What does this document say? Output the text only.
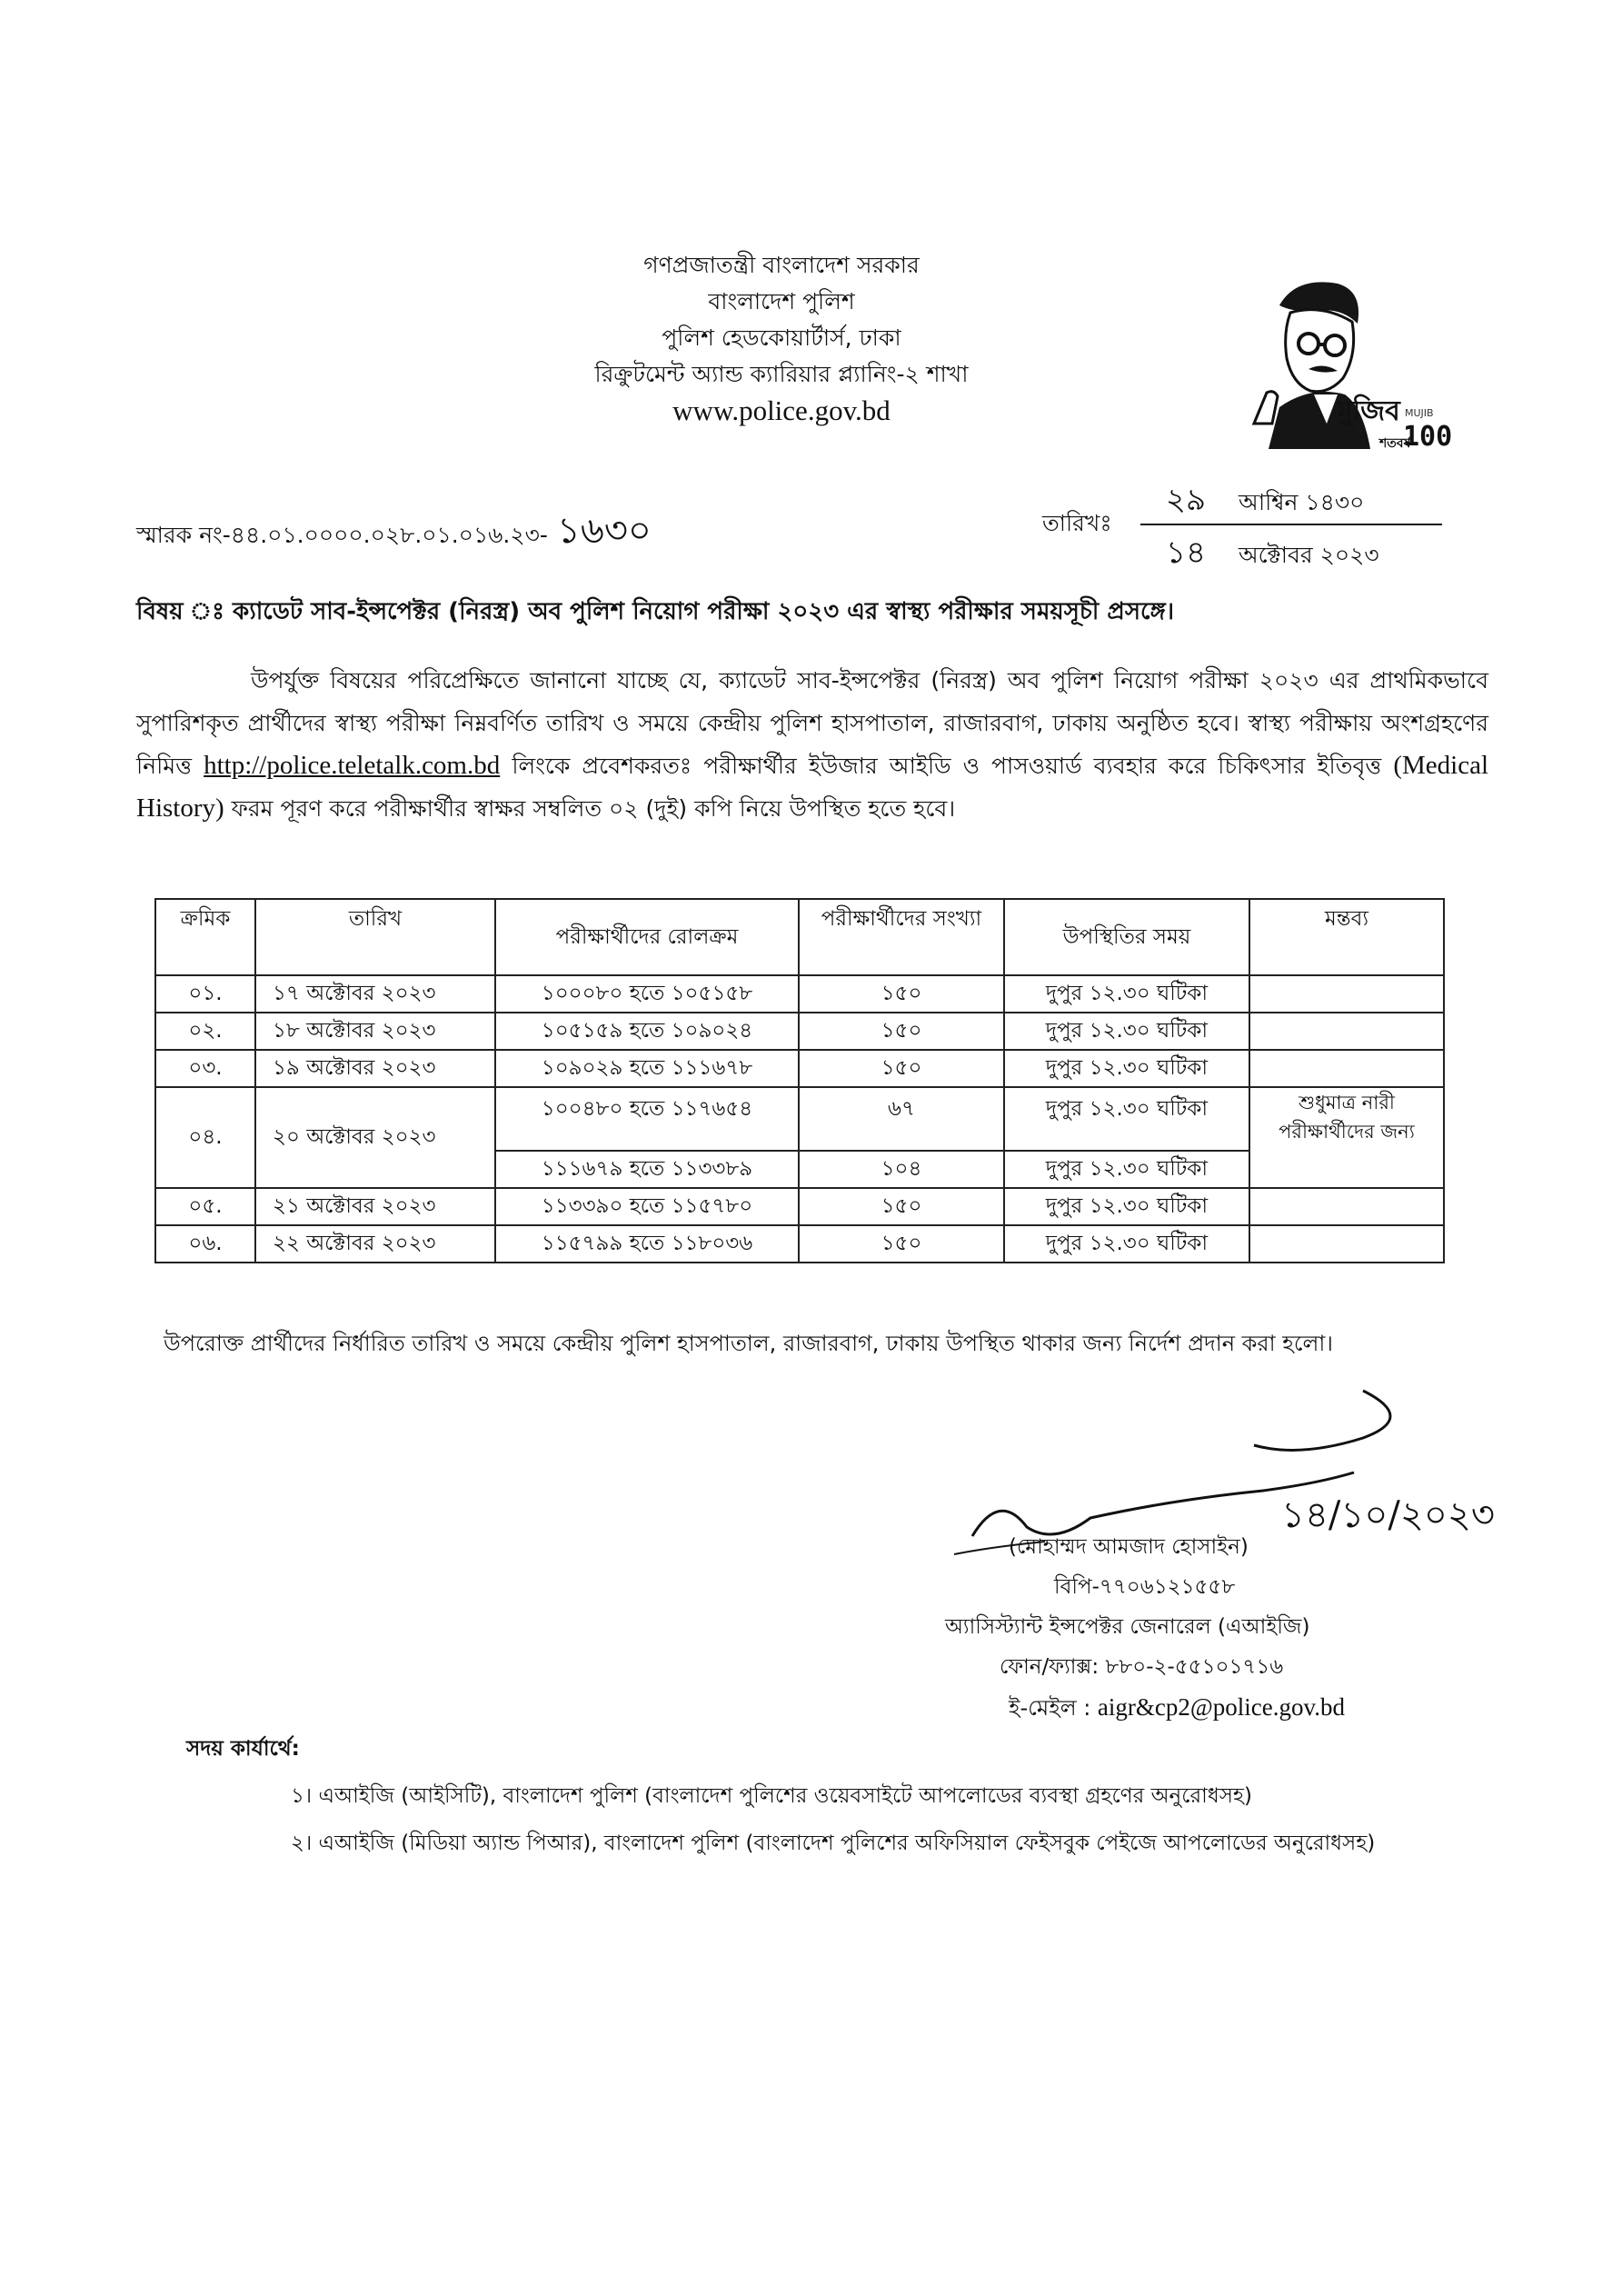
গণপ্রজাতন্ত্রী বাংলাদেশ সরকার
বাংলাদেশ পুলিশ
পুলিশ হেডকোয়ার্টার্স, ঢাকা
রিক্রুটমেন্ট অ্যান্ড ক্যারিয়ার প্ল্যানিং-২ শাখা
www.police.gov.bd	মুজিব
শতবর্ষ
100
MUJIB
স্মারক নং-৪৪.০১.০০০০.০২৮.০১.০১৬.২৩- ১৬৩০	তারিখঃ
২৯ আশ্বিন ১৪৩০
১৪ অক্টোবর ২০২৩
বিষয় ঃ ক্যাডেট সাব-ইন্সপেক্টর (নিরস্ত্র) অব পুলিশ নিয়োগ পরীক্ষা ২০২৩ এর স্বাস্থ্য পরীক্ষার সময়সূচী প্রসঙ্গে।
উপর্যুক্ত বিষয়ের পরিপ্রেক্ষিতে জানানো যাচ্ছে যে, ক্যাডেট সাব-ইন্সপেক্টর (নিরস্ত্র) অব পুলিশ নিয়োগ পরীক্ষা ২০২৩ এর প্রাথমিকভাবে সুপারিশকৃত প্রার্থীদের স্বাস্থ্য পরীক্ষা নিম্নবর্ণিত তারিখ ও সময়ে কেন্দ্রীয় পুলিশ হাসপাতাল, রাজারবাগ, ঢাকায় অনুষ্ঠিত হবে। স্বাস্থ্য পরীক্ষায় অংশগ্রহণের নিমিত্ত http://police.teletalk.com.bd লিংকে প্রবেশকরতঃ পরীক্ষার্থীর ইউজার আইডি ও পাসওয়ার্ড ব্যবহার করে চিকিৎসার ইতিবৃত্ত (Medical History) ফরম পূরণ করে পরীক্ষার্থীর স্বাক্ষর সম্বলিত ০২ (দুই) কপি নিয়ে উপস্থিত হতে হবে।
ক্রমিক	তারিখ	পরীক্ষার্থীদের রোলক্রম	পরীক্ষার্থীদের সংখ্যা	উপস্থিতির সময়	মন্তব্য
০১.	১৭ অক্টোবর ২০২৩	১০০০৮০ হতে ১০৫১৫৮	১৫০	দুপুর ১২.৩০ ঘটিকা	
০২.	১৮ অক্টোবর ২০২৩	১০৫১৫৯ হতে ১০৯০২৪	১৫০	দুপুর ১২.৩০ ঘটিকা	
০৩.	১৯ অক্টোবর ২০২৩	১০৯০২৯ হতে ১১১৬৭৮	১৫০	দুপুর ১২.৩০ ঘটিকা	
০৪.	২০ অক্টোবর ২০২৩	১০০৪৮০ হতে ১১৭৬৫৪	৬৭	দুপুর ১২.৩০ ঘটিকা	শুধুমাত্র নারী পরীক্ষার্থীদের জন্য
		১১১৬৭৯ হতে ১১৩৩৮৯	১০৪	দুপুর ১২.৩০ ঘটিকা	
০৫.	২১ অক্টোবর ২০২৩	১১৩৩৯০ হতে ১১৫৭৮০	১৫০	দুপুর ১২.৩০ ঘটিকা	
০৬.	২২ অক্টোবর ২০২৩	১১৫৭৯৯ হতে ১১৮০৩৬	১৫০	দুপুর ১২.৩০ ঘটিকা	
উপরোক্ত প্রার্থীদের নির্ধারিত তারিখ ও সময়ে কেন্দ্রীয় পুলিশ হাসপাতাল, রাজারবাগ, ঢাকায় উপস্থিত থাকার জন্য নির্দেশ প্রদান করা হলো।
১৪/১০/২০২৩
(মোহাম্মদ আমজাদ হোসাইন)
বিপি-৭৭০৬১২১৫৫৮
অ্যাসিস্ট্যান্ট ইন্সপেক্টর জেনারেল (এআইজি)
ফোন/ফ্যাক্স: ৮৮০-২-৫৫১০১৭১৬
ই-মেইল : aigr&cp2@police.gov.bd
সদয় কার্যার্থে:
১। এআইজি (আইসিটি), বাংলাদেশ পুলিশ (বাংলাদেশ পুলিশের ওয়েবসাইটে আপলোডের ব্যবস্থা গ্রহণের অনুরোধসহ)
২। এআইজি (মিডিয়া অ্যান্ড পিআর), বাংলাদেশ পুলিশ (বাংলাদেশ পুলিশের অফিসিয়াল ফেইসবুক পেইজে আপলোডের অনুরোধসহ)
